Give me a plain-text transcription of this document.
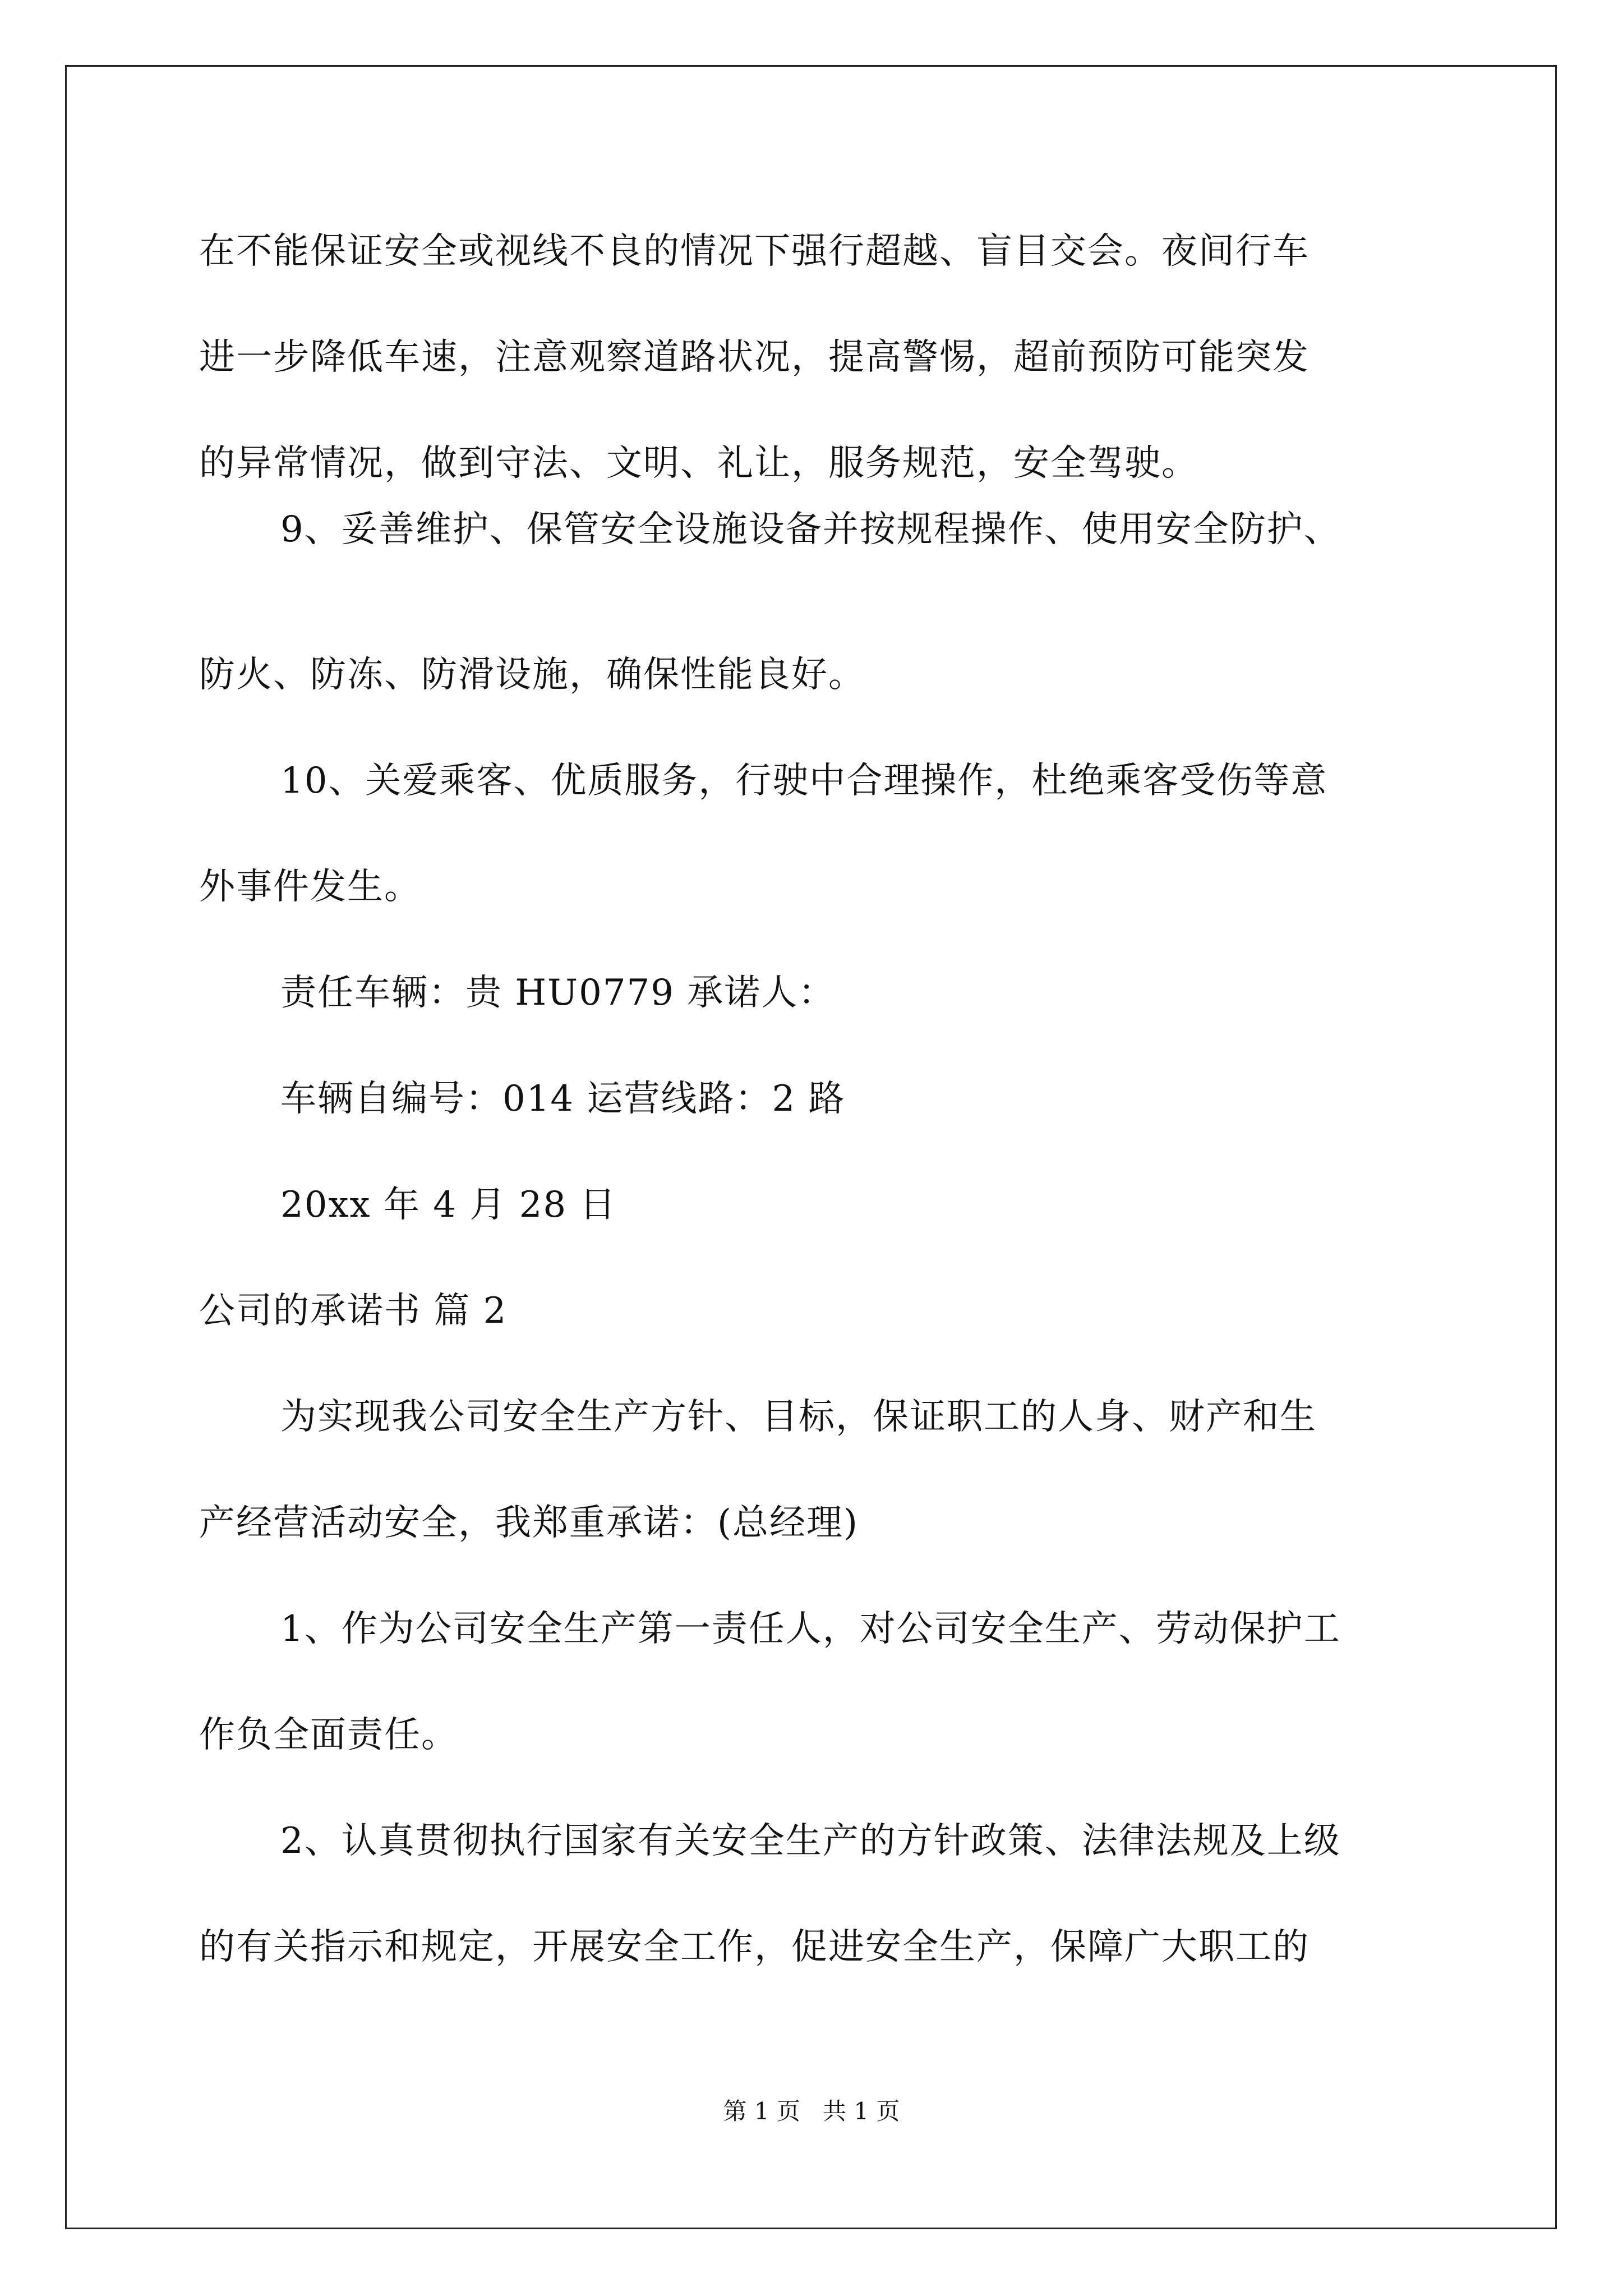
在不能保证安全或视线不良的情况下强行超越、盲目交会。夜间行车
进一步降低车速，注意观察道路状况，提高警惕，超前预防可能突发
的异常情况，做到守法、文明、礼让，服务规范，安全驾驶。
9、妥善维护、保管安全设施设备并按规程操作、使用安全防护、
防火、防冻、防滑设施，确保性能良好。
10、关爱乘客、优质服务，行驶中合理操作，杜绝乘客受伤等意
外事件发生。
责任车辆：贵 HU0779 承诺人：
车辆自编号：014 运营线路：2 路
20xx 年 4 月 28 日
公司的承诺书 篇 2
为实现我公司安全生产方针、目标，保证职工的人身、财产和生
产经营活动安全，我郑重承诺：(总经理)
1、作为公司安全生产第一责任人，对公司安全生产、劳动保护工
作负全面责任。
2、认真贯彻执行国家有关安全生产的方针政策、法律法规及上级
的有关指示和规定，开展安全工作，促进安全生产，保障广大职工的
第 1 页   共 1 页
